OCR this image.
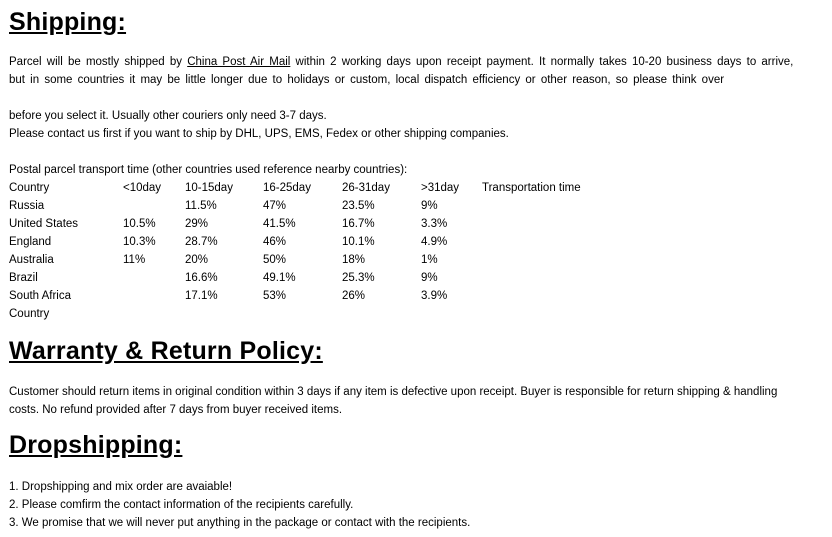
Shipping:

Parcel will be mostly shipped by China Post Air Mail within 2 working days upon receipt payment. It normally takes 10-20 business days to arrive, but in some countries it may be little longer due to holidays or custom, local dispatch efficiency or other reason, so please think over

before you select it. Usually other couriers only need 3-7 days.

Please contact us first if you want to ship by DHL, UPS, EMS, Fedex or other shipping companies.

Postal parcel transport time (other countries used reference nearby countries):

Country	<10day	10-15day	16-25day	26-31day	>31day	Transportation time
Russia		11.5%	47%	23.5%	9%	
United States	10.5%	29%	41.5%	16.7%	3.3%	
England	10.3%	28.7%	46%	10.1%	4.9%	
Australia	11%	20%	50%	18%	1%	
Brazil		16.6%	49.1%	25.3%	9%	
South Africa		17.1%	53%	26%	3.9%	
Country						
Warranty & Return Policy:

Customer should return items in original condition within 3 days if any item is defective upon receipt. Buyer is responsible for return shipping & handling costs. No refund provided after 7 days from buyer received items.

Dropshipping:
1. Dropshipping and mix order are avaiable!
2. Please comfirm the contact information of the recipients carefully.
3. We promise that we will never put anything in the package or contact with the recipients.
